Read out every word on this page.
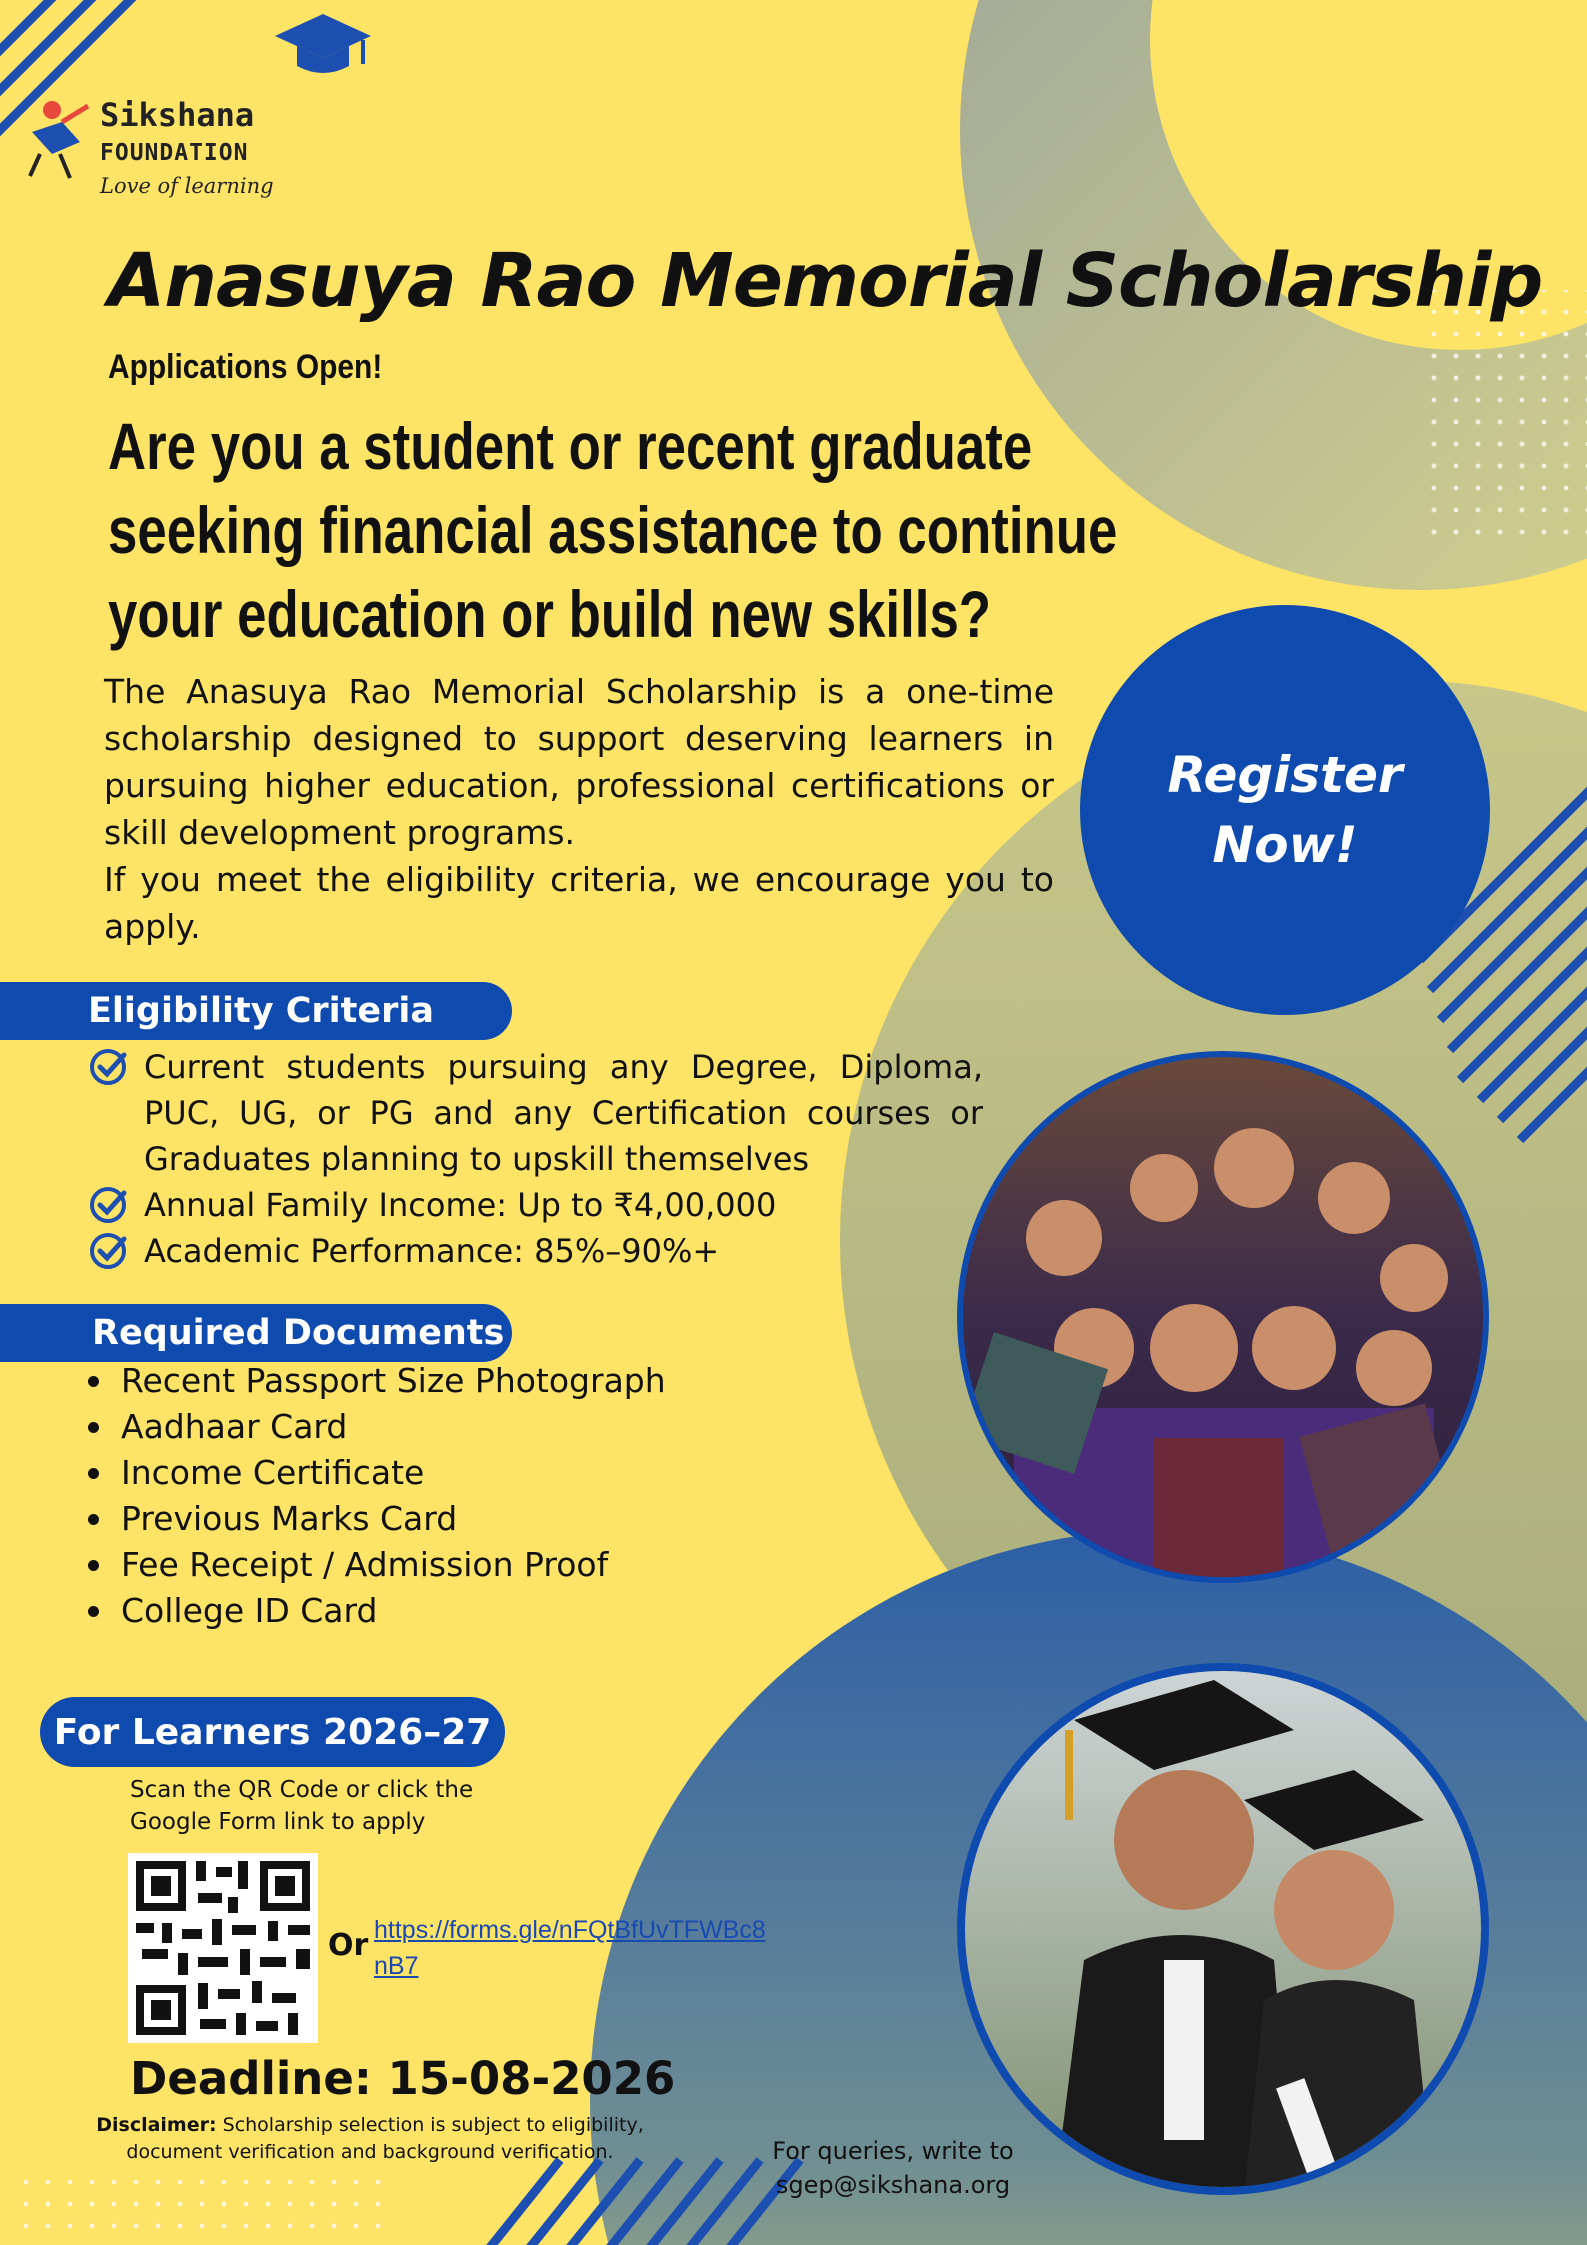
Sikshana
FOUNDATION
Love of learning
Anasuya Rao Memorial Scholarship
Applications Open!
Are you a student or recent graduate seeking financial assistance to continue your education or build new skills?

The Anasuya Rao Memorial Scholarship is a one-time scholarship designed to support deserving learners in pursuing higher education, professional certifications or skill development programs.

If you meet the eligibility criteria, we encourage you to apply.

Register Now!
Eligibility Criteria
Current students pursuing any Degree, Diploma, PUC, UG, or PG and any Certification courses or Graduates planning to upskill themselves
Annual Family Income: Up to ₹4,00,000
Academic Performance: 85%–90%+
Required Documents
Recent Passport Size Photograph
Aadhaar Card
Income Certificate
Previous Marks Card
Fee Receipt / Admission Proof
College ID Card
For Learners 2026–27
Scan the QR Code or click the Google Form link to apply
Or https://forms.gle/nFQtBfUvTFWBc8nB7
Deadline: 15-08-2026
Disclaimer: Scholarship selection is subject to eligibility, document verification and background verification.	For queries, write to
sgep@sikshana.org
